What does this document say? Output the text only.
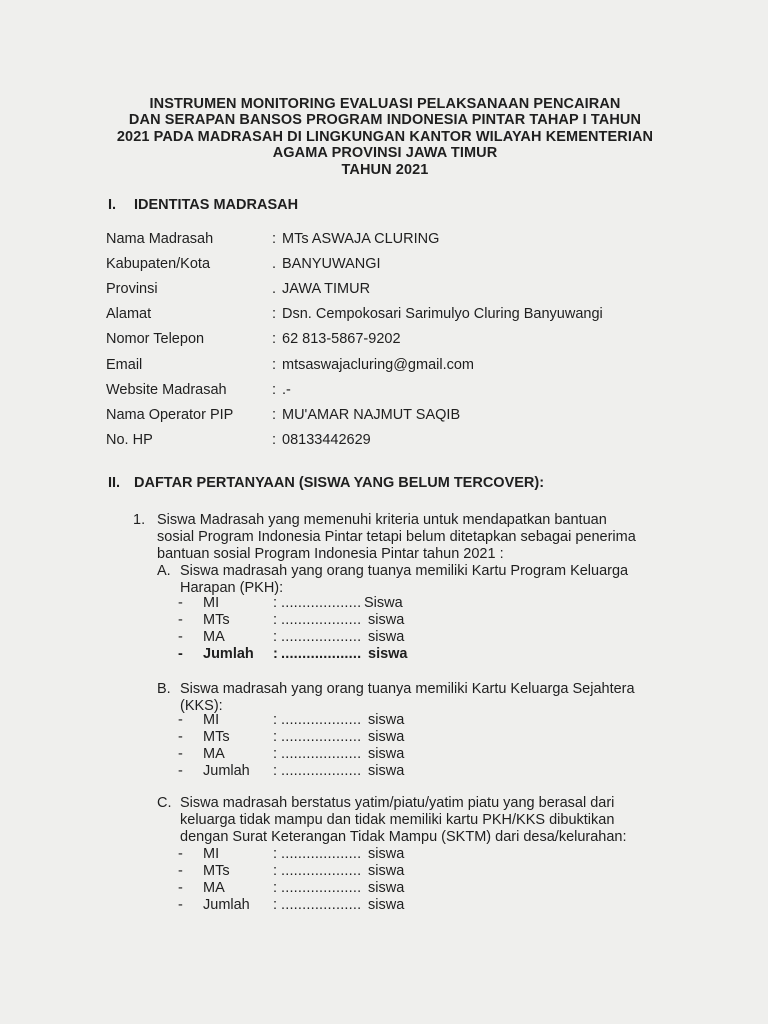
INSTRUMEN MONITORING EVALUASI PELAKSANAAN PENCAIRAN
DAN SERAPAN BANSOS PROGRAM INDONESIA PINTAR TAHAP I TAHUN
2021 PADA MADRASAH DI LINGKUNGAN KANTOR WILAYAH KEMENTERIAN
AGAMA PROVINSI JAWA TIMUR
TAHUN 2021
I. IDENTITAS MADRASAH
Nama Madrasah	: MTs ASWAJA CLURING
Kabupaten/Kota	. BANYUWANGI
Provinsi	. JAWA TIMUR
Alamat	: Dsn. Cempokosari Sarimulyo Cluring Banyuwangi
Nomor Telepon	: 62 813-5867-9202
Email	: mtsaswajacluring@gmail.com
Website Madrasah	: .-
Nama Operator PIP	: MU'AMAR NAJMUT SAQIB
No. HP	: 08133442629
II. DAFTAR PERTANYAAN (SISWA YANG BELUM TERCOVER):
1. Siswa Madrasah yang memenuhi kriteria untuk mendapatkan bantuan
sosial Program Indonesia Pintar tetapi belum ditetapkan sebagai penerima
bantuan sosial Program Indonesia Pintar tahun 2021 :
A. Siswa madrasah yang orang tuanya memiliki Kartu Program Keluarga
Harapan (PKH):
- MI	: ................... Siswa
- MTs	: ................... siswa
- MA	: ................... siswa
- Jumlah : ................... siswa
B. Siswa madrasah yang orang tuanya memiliki Kartu Keluarga Sejahtera
(KKS):
- MI	: ................... siswa
- MTs	: ................... siswa
- MA	: ................... siswa
- Jumlah : ................... siswa
C. Siswa madrasah berstatus yatim/piatu/yatim piatu yang berasal dari
keluarga tidak mampu dan tidak memiliki kartu PKH/KKS dibuktikan
dengan Surat Keterangan Tidak Mampu (SKTM) dari desa/kelurahan:
- MI	: ................... siswa
- MTs	: ................... siswa
- MA	: ................... siswa
- Jumlah : ................... siswa
